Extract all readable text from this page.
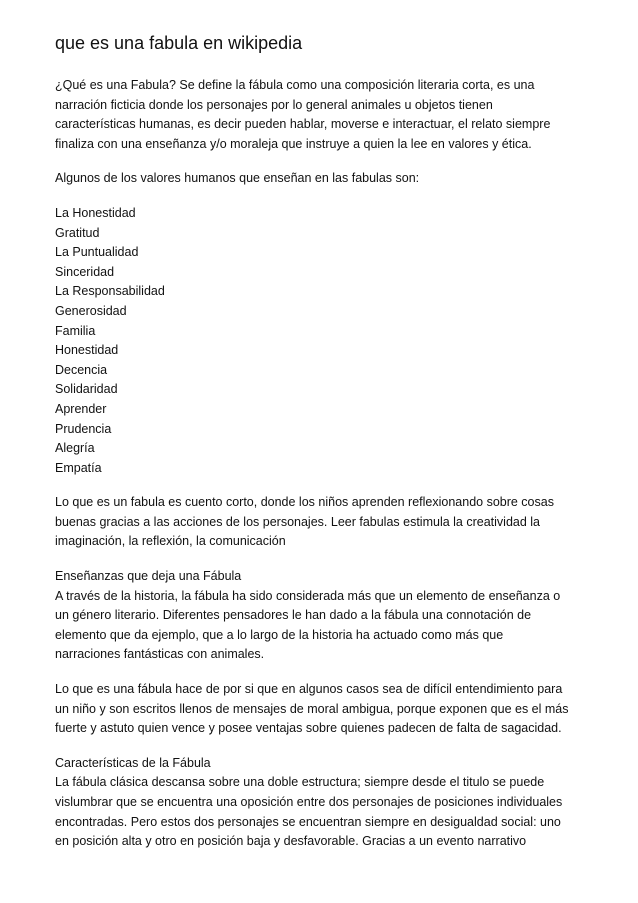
que es una fabula en wikipedia
¿Qué es una Fabula? Se define la fábula como una composición literaria corta, es una
narración ficticia donde los personajes por lo general animales u objetos tienen
características humanas, es decir pueden hablar, moverse e interactuar, el relato siempre
finaliza con una enseñanza y/o moraleja que instruye a quien la lee en valores y ética.
Algunos de los valores humanos que enseñan en las fabulas son:
La Honestidad
Gratitud
La Puntualidad
Sinceridad
La Responsabilidad
Generosidad
Familia
Honestidad
Decencia
Solidaridad
Aprender
Prudencia
Alegría
Empatía
Lo que es un fabula es cuento corto, donde los niños aprenden reflexionando sobre cosas
buenas gracias a las acciones de los personajes. Leer fabulas estimula la creatividad la
imaginación, la reflexión, la comunicación
Enseñanzas que deja una Fábula
A través de la historia, la fábula ha sido considerada más que un elemento de enseñanza o
un género literario. Diferentes pensadores le han dado a la fábula una connotación de
elemento que da ejemplo, que a lo largo de la historia ha actuado como más que
narraciones fantásticas con animales.
Lo que es una fábula hace de por si que en algunos casos sea de difícil entendimiento para
un niño y son escritos llenos de mensajes de moral ambigua, porque exponen que es el más
fuerte y astuto quien vence y posee ventajas sobre quienes padecen de falta de sagacidad.
Características de la Fábula
La fábula clásica descansa sobre una doble estructura; siempre desde el titulo se puede
vislumbrar que se encuentra una oposición entre dos personajes de posiciones individuales
encontradas. Pero estos dos personajes se encuentran siempre en desigualdad social: uno
en posición alta y otro en posición baja y desfavorable. Gracias a un evento narrativo
